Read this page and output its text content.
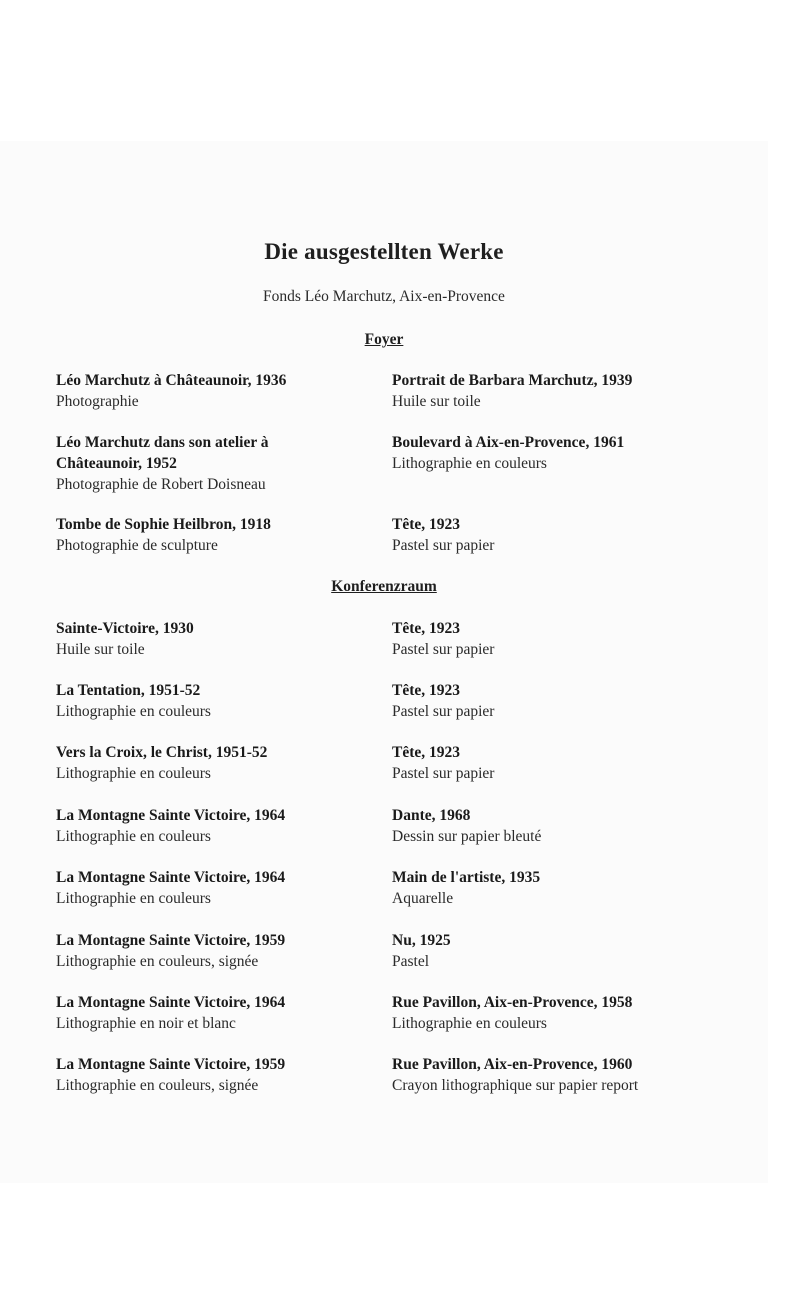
Die ausgestellten Werke
Fonds Léo Marchutz, Aix-en-Provence
Foyer
Léo Marchutz à Châteaunoir, 1936
Photographie
Léo Marchutz dans son atelier à Châteaunoir, 1952
Photographie de Robert Doisneau
Tombe de Sophie Heilbron, 1918
Photographie de sculpture
Portrait de Barbara Marchutz, 1939
Huile sur toile
Boulevard à Aix-en-Provence, 1961
Lithographie en couleurs
Tête, 1923
Pastel sur papier
Konferenzraum
Sainte-Victoire, 1930
Huile sur toile
La Tentation, 1951-52
Lithographie en couleurs
Vers la Croix, le Christ, 1951-52
Lithographie en couleurs
La Montagne Sainte Victoire, 1964
Lithographie en couleurs
La Montagne Sainte Victoire, 1964
Lithographie en couleurs
La Montagne Sainte Victoire, 1959
Lithographie en couleurs, signée
La Montagne Sainte Victoire, 1964
Lithographie en noir et blanc
La Montagne Sainte Victoire, 1959
Lithographie en couleurs, signée
Tête, 1923
Pastel sur papier
Tête, 1923
Pastel sur papier
Tête, 1923
Pastel sur papier
Dante, 1968
Dessin sur papier bleuté
Main de l'artiste, 1935
Aquarelle
Nu, 1925
Pastel
Rue Pavillon, Aix-en-Provence, 1958
Lithographie en couleurs
Rue Pavillon, Aix-en-Provence, 1960
Crayon lithographique sur papier report
